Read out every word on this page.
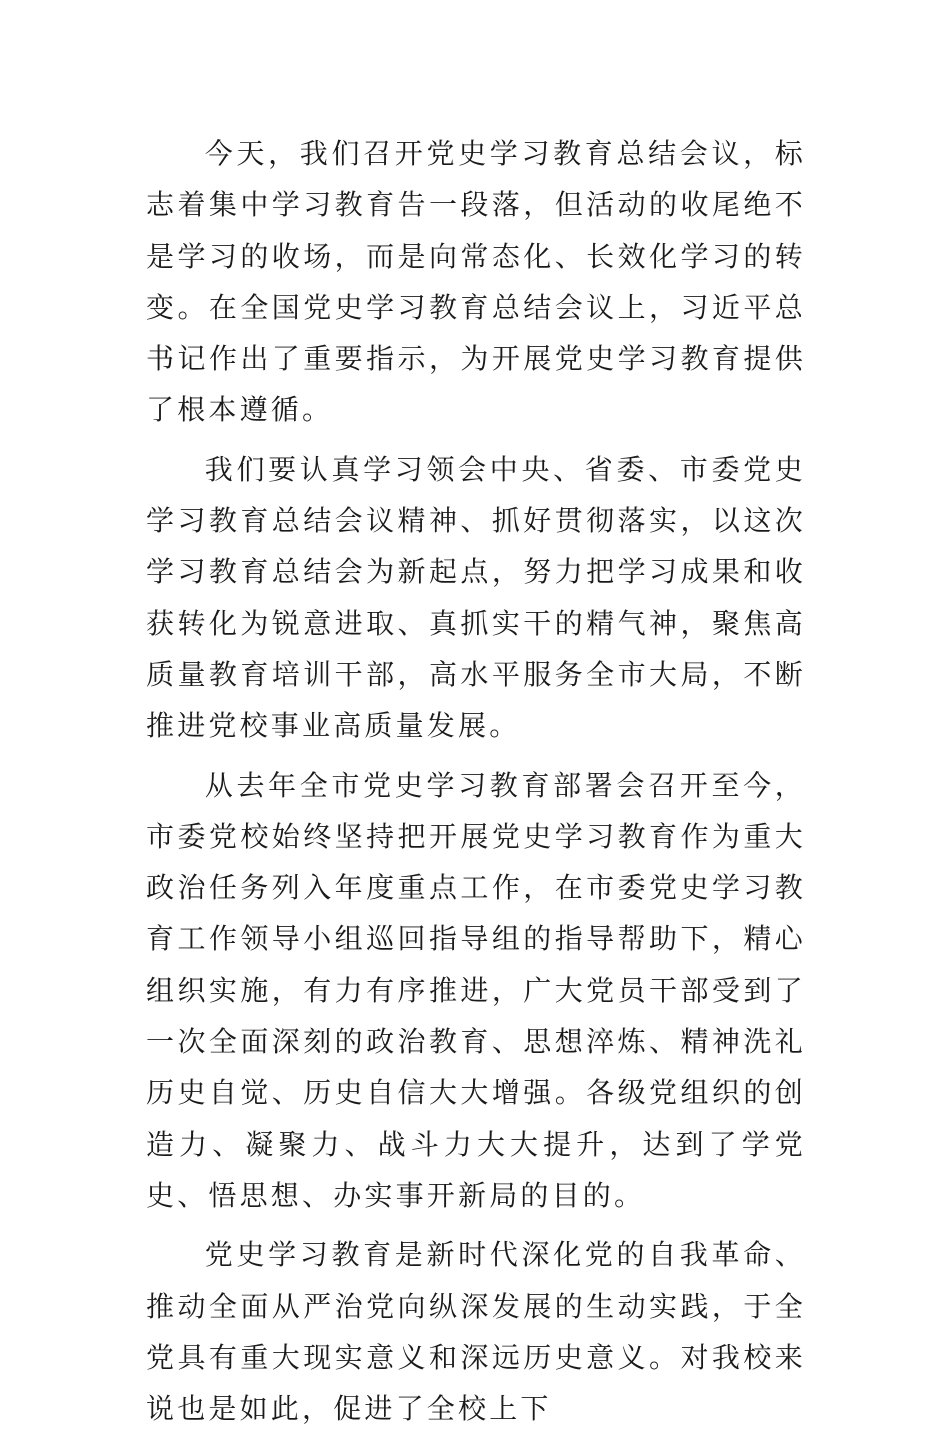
今天，我们召开党史学习教育总结会议，标志着集中学习教育告一段落，但活动的收尾绝不是学习的收场，而是向常态化、长效化学习的转变。在全国党史学习教育总结会议上，习近平总书记作出了重要指示，为开展党史学习教育提供了根本遵循。

我们要认真学习领会中央、省委、市委党史学习教育总结会议精神、抓好贯彻落实，以这次学习教育总结会为新起点，努力把学习成果和收获转化为锐意进取、真抓实干的精气神，聚焦高质量教育培训干部，高水平服务全市大局，不断推进党校事业高质量发展。

从去年全市党史学习教育部署会召开至今，市委党校始终坚持把开展党史学习教育作为重大政治任务列入年度重点工作，在市委党史学习教育工作领导小组巡回指导组的指导帮助下，精心组织实施，有力有序推进，广大党员干部受到了一次全面深刻的政治教育、思想淬炼、精神洗礼历史自觉、历史自信大大增强。各级党组织的创造力、凝聚力、战斗力大大提升，达到了学党史、悟思想、办实事开新局的目的。

党史学习教育是新时代深化党的自我革命、推动全面从严治党向纵深发展的生动实践，于全党具有重大现实意义和深远历史意义。对我校来说也是如此，促进了全校上下
